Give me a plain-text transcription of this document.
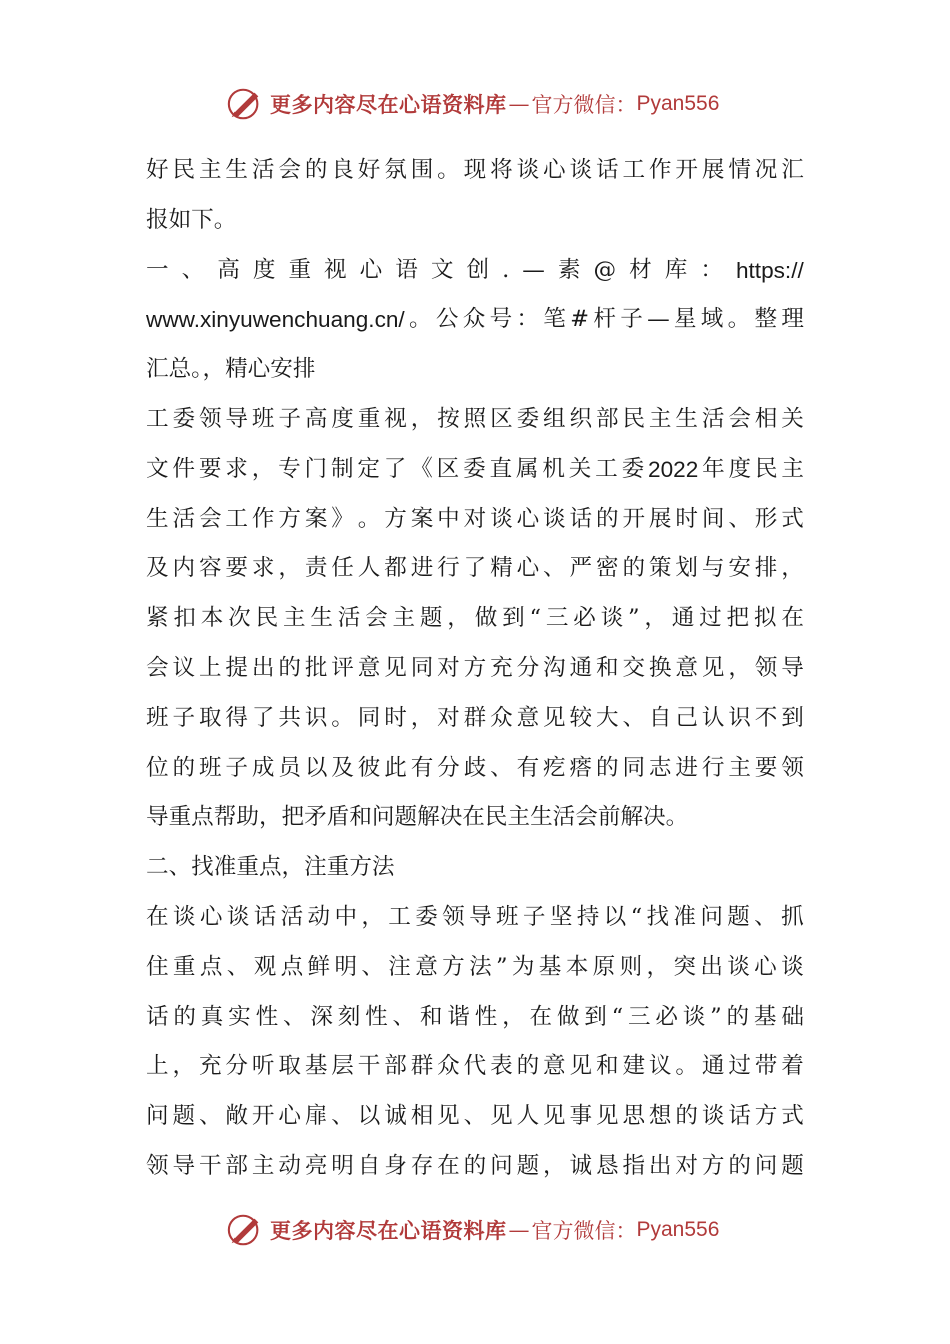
更多内容尽在心语资料库 — 官方微信： Pyan556
好 民 主 生 活 会 的 良 好 氛 围 。 现 将 谈 心 谈 话 工 作 开 展 情 况 汇
报如下。
一 、 高 度 重 视 心 语 文 创 . — 素 @ 材 库 ： https://
www.xinyuwenchuang.cn/ 。 公 众 号 ： 笔 # 杆 子 — 星 域 。 整 理
汇总。，精心安排
工 委 领 导 班 子 高 度 重 视 ， 按 照 区 委 组 织 部 民 主 生 活 会 相 关
文 件 要 求 ， 专 门 制 定 了 《 区 委 直 属 机 关 工 委 2022 年 度 民 主
生 活 会 工 作 方 案 》 。 方 案 中 对 谈 心 谈 话 的 开 展 时 间 、 形 式
及 内 容 要 求 ， 责 任 人 都 进 行 了 精 心 、 严 密 的 策 划 与 安 排 ，
紧 扣 本 次 民 主 生 活 会 主 题 ， 做 到 “ 三 必 谈 ” ， 通 过 把 拟 在
会 议 上 提 出 的 批 评 意 见 同 对 方 充 分 沟 通 和 交 换 意 见 ， 领 导
班 子 取 得 了 共 识 。 同 时 ， 对 群 众 意 见 较 大 、 自 己 认 识 不 到
位 的 班 子 成 员 以 及 彼 此 有 分 歧 、 有 疙 瘩 的 同 志 进 行 主 要 领
导重点帮助，把矛盾和问题解决在民主生活会前解决。
二、找准重点，注重方法
在 谈 心 谈 话 活 动 中 ， 工 委 领 导 班 子 坚 持 以 “ 找 准 问 题 、 抓
住 重 点 、 观 点 鲜 明 、 注 意 方 法 ” 为 基 本 原 则 ， 突 出 谈 心 谈
话 的 真 实 性 、 深 刻 性 、 和 谐 性 ， 在 做 到 “ 三 必 谈 ” 的 基 础
上 ， 充 分 听 取 基 层 干 部 群 众 代 表 的 意 见 和 建 议 。 通 过 带 着
问 题 、 敞 开 心 扉 、 以 诚 相 见 、 见 人 见 事 见 思 想 的 谈 话 方 式
领 导 干 部 主 动 亮 明 自 身 存 在 的 问 题 ， 诚 恳 指 出 对 方 的 问 题
更多内容尽在心语资料库 — 官方微信： Pyan556
